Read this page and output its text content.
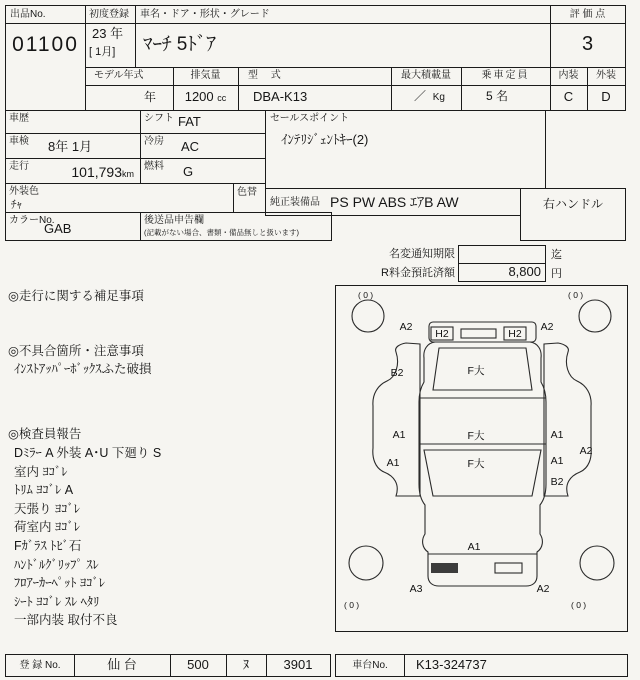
出品No.
01100
初度登録
23 年
[ 1月]
車名・ドア・形状・グレード
ﾏｰﾁ 5ﾄﾞｱ
評 価 点
3
モデル年式	排気量	型 式	最大積載量	乗車定員	内装	外装
年	1200 cc	DBA-K13	／ Kg	5 名	C	D
車歴	シフト FAT
車検 8年 1月	冷房 AC
走行	101,793km
燃料 G
外装色
ﾁｬ
色替
カラーNo.
GAB
後送品申告欄
(記載がない場合、書類・備品無しと扱います)
セールスポイント
ｲﾝﾃﾘｼﾞｪﾝﾄｷｰ(2)
純正装備品 PS PW ABS ｴｱB AW	右ハンドル
名変通知期限	迄
R料金預託済額	8,800 円
◎走行に関する補足事項
◎不具合箇所・注意事項
ｲﾝｽﾄｱｯﾊﾟｰﾎﾞｯｸｽふた破損
◎検査員報告
Dﾐﾗｰ A 外装 A･U 下廻り S
室内 ﾖｺﾞﾚ
ﾄﾘﾑ ﾖｺﾞﾚ A
天張り ﾖｺﾞﾚ
荷室内 ﾖｺﾞﾚ
Fｶﾞﾗｽ ﾄﾋﾞ石
ﾊﾝﾄﾞﾙｸﾞﾘｯﾌﾟ ｽﾚ
ﾌﾛｱｰｶｰﾍﾟｯﾄ ﾖｺﾞﾚ
ｼｰﾄ ﾖｺﾞﾚ ｽﾚ ﾍﾀﾘ
一部内装 取付不良
( 0 )	( 0 )
( 0 )	( 0 )
A2
H2	H2
A2
B2	F大
A1
A1
F大
F大
A1
A1
B2
A2
A1
A3	A2
登 録 No.	仙 台	500	ﾇ	3901	車台No.	K13-324737
